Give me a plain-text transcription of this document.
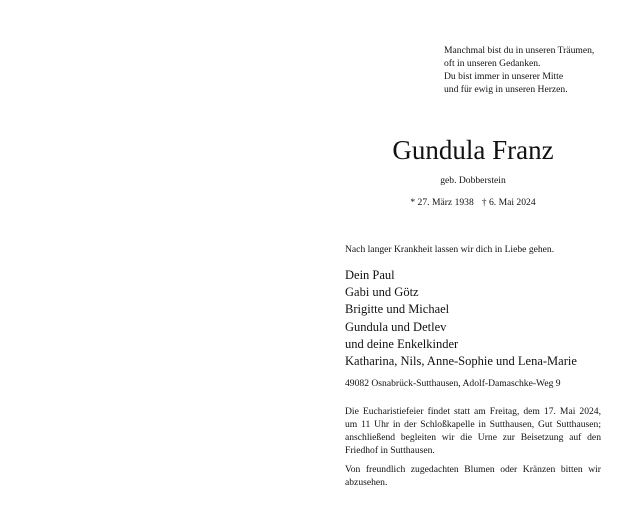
Manchmal bist du in unseren Träumen,
oft in unseren Gedanken.
Du bist immer in unserer Mitte
und für ewig in unseren Herzen.
Gundula Franz
geb. Dobberstein
* 27. März 1938 † 6. Mai 2024
Nach langer Krankheit lassen wir dich in Liebe gehen.
Dein Paul
Gabi und Götz
Brigitte und Michael
Gundula und Detlev
und deine Enkelkinder
Katharina, Nils, Anne-Sophie und Lena-Marie
49082 Osnabrück-Sutthausen, Adolf-Damaschke-Weg 9
Die Eucharistiefeier findet statt am Freitag, dem 17. Mai 2024, um 11 Uhr in der Schloßkapelle in Sutthausen, Gut Sutthausen; anschließend begleiten wir die Urne zur Beisetzung auf den Friedhof in Sutthausen.
Von freundlich zugedachten Blumen oder Kränzen bitten wir abzusehen.
